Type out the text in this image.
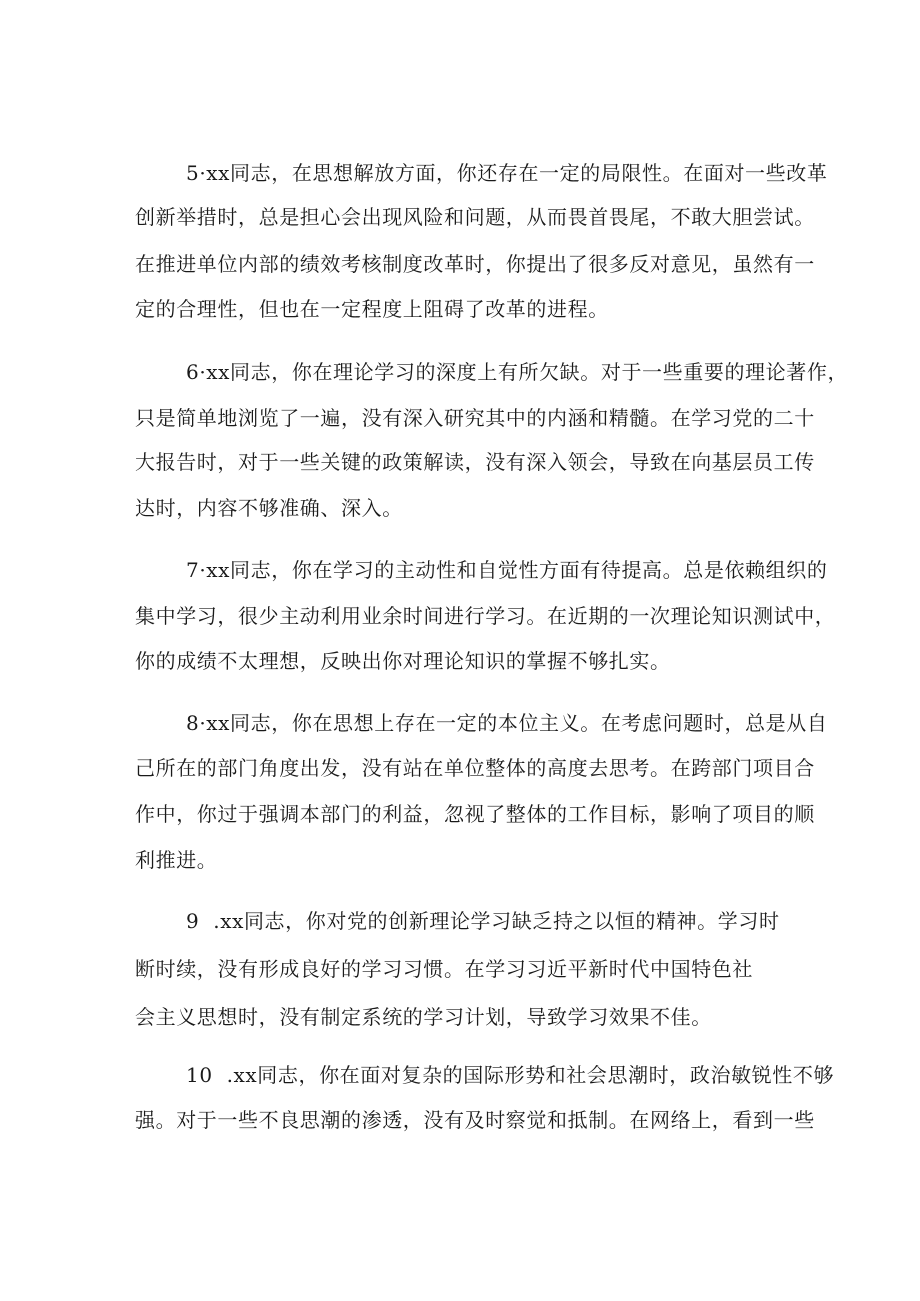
5·xx同志，在思想解放方面，你还存在一定的局限性。在面对一些改革
创新举措时，总是担心会出现风险和问题，从而畏首畏尾，不敢大胆尝试。
在推进单位内部的绩效考核制度改革时，你提出了很多反对意见，虽然有一
定的合理性，但也在一定程度上阻碍了改革的进程。
6·xx同志，你在理论学习的深度上有所欠缺。对于一些重要的理论著作，
只是简单地浏览了一遍，没有深入研究其中的内涵和精髓。在学习党的二十
大报告时，对于一些关键的政策解读，没有深入领会，导致在向基层员工传
达时，内容不够准确、深入。
7·xx同志，你在学习的主动性和自觉性方面有待提高。总是依赖组织的
集中学习，很少主动利用业余时间进行学习。在近期的一次理论知识测试中，
你的成绩不太理想，反映出你对理论知识的掌握不够扎实。
8·xx同志，你在思想上存在一定的本位主义。在考虑问题时，总是从自
己所在的部门角度出发，没有站在单位整体的高度去思考。在跨部门项目合
作中，你过于强调本部门的利益，忽视了整体的工作目标，影响了项目的顺
利推进。
9  .xx同志，你对党的创新理论学习缺乏持之以恒的精神。学习时
断时续，没有形成良好的学习习惯。在学习习近平新时代中国特色社
会主义思想时，没有制定系统的学习计划，导致学习效果不佳。
10  .xx同志，你在面对复杂的国际形势和社会思潮时，政治敏锐性不够
强。对于一些不良思潮的渗透，没有及时察觉和抵制。在网络上，看到一些
